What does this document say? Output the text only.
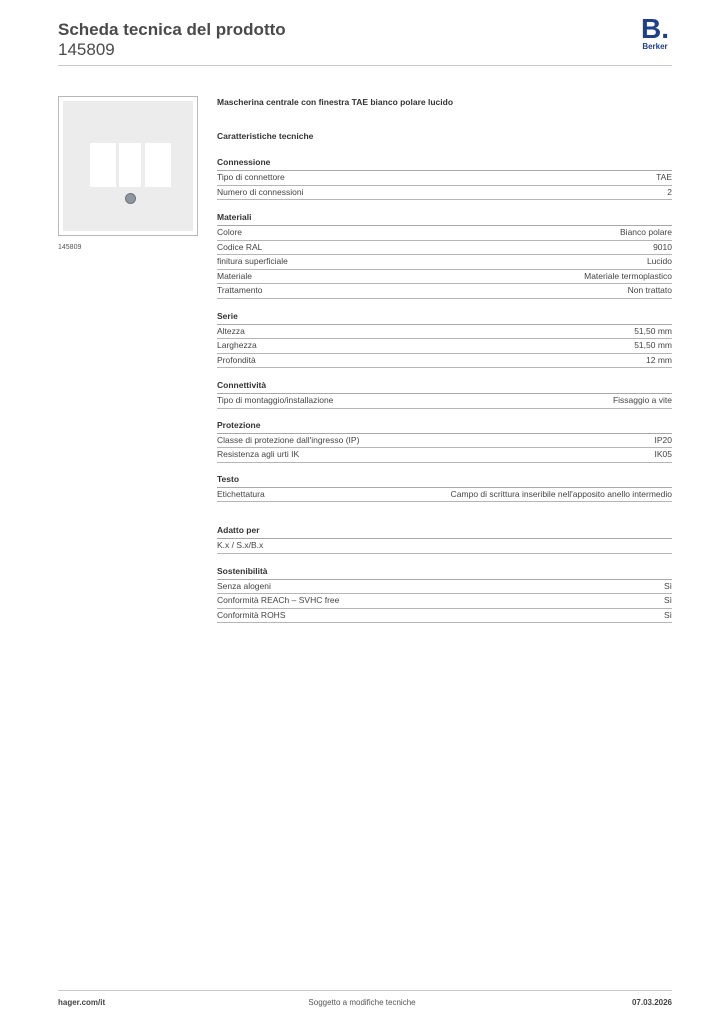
Scheda tecnica del prodotto
145809
B.
Berker
145809
Mascherina centrale con finestra TAE bianco polare lucido
Caratteristiche tecniche
Connessione
Tipo di connettore	TAE
Numero di connessioni	2
Materiali
Colore	Bianco polare
Codice RAL	9010
finitura superficiale	Lucido
Materiale	Materiale termoplastico
Trattamento	Non trattato
Serie
Altezza	51,50 mm
Larghezza	51,50 mm
Profondità	12 mm
Connettività
Tipo di montaggio/installazione	Fissaggio a vite
Protezione
Classe di protezione dall'ingresso (IP)	IP20
Resistenza agli urti IK	IK05
Testo
Etichettatura	Campo di scrittura inseribile nell'apposito anello intermedio
Adatto per
K.x / S.x/B.x
Sostenibilità
Senza alogeni	Sì
Conformità REACh – SVHC free	Sì
Conformità ROHS	Sì
Soggetto a modifiche tecniche
hager.com/it	07.03.2026
